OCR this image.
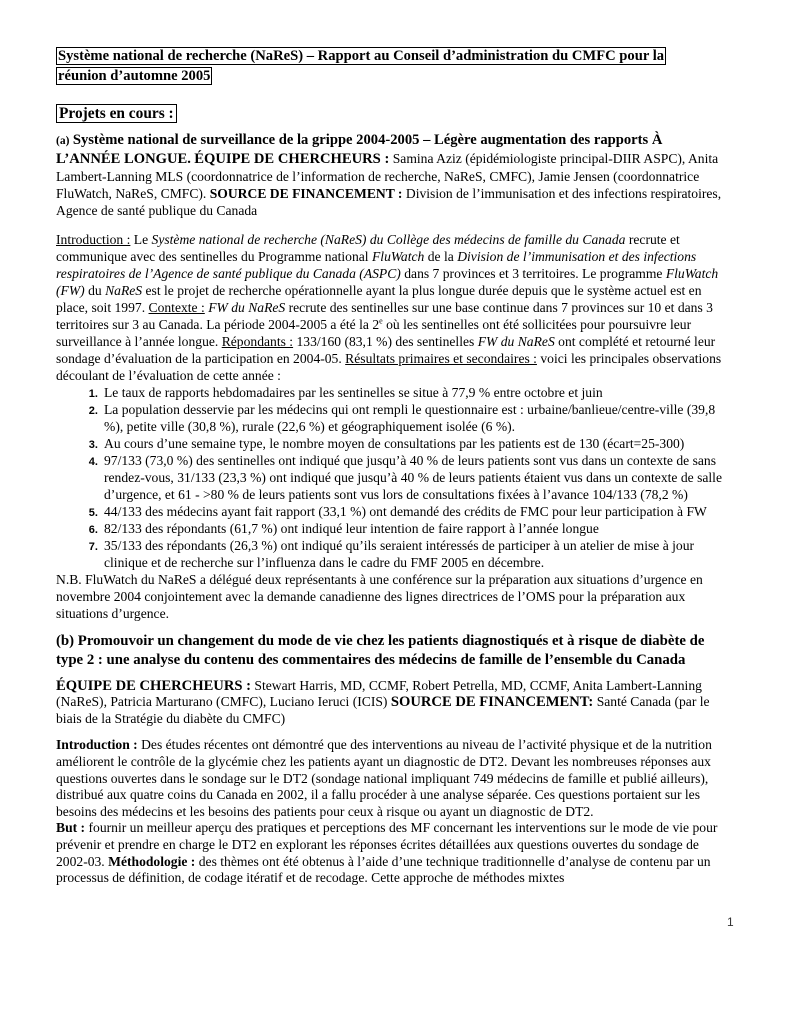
Système national de recherche (NaReS) – Rapport au Conseil d’administration du CMFC pour la
réunion d’automne 2005
Projets en cours :

(a) Système national de surveillance de la grippe 2004-2005 – Légère augmentation des rapports À L’ANNÉE LONGUE. ÉQUIPE DE CHERCHEURS : Samina Aziz (épidémiologiste principal-DIIR ASPC), Anita Lambert-Lanning MLS (coordonnatrice de l’information de recherche, NaReS, CMFC), Jamie Jensen (coordonnatrice FluWatch, NaReS, CMFC). SOURCE DE FINANCEMENT : Division de l’immunisation et des infections respiratoires, Agence de santé publique du Canada

Introduction : Le Système national de recherche (NaReS) du Collège des médecins de famille du Canada recrute et communique avec des sentinelles du Programme national FluWatch de la Division de l’immunisation et des infections respiratoires de l’Agence de santé publique du Canada (ASPC) dans 7 provinces et 3 territoires. Le programme FluWatch (FW) du NaReS est le projet de recherche opérationnelle ayant la plus longue durée depuis que le système actuel est en place, soit 1997. Contexte : FW du NaReS recrute des sentinelles sur une base continue dans 7 provinces sur 10 et dans 3 territoires sur 3 au Canada. La période 2004-2005 a été la 2e où les sentinelles ont été sollicitées pour poursuivre leur surveillance à l’année longue. Répondants : 133/160 (83,1 %) des sentinelles FW du NaReS ont complété et retourné leur sondage d’évaluation de la participation en 2004-05. Résultats primaires et secondaires : voici les principales observations découlant de l’évaluation de cette année :

1. Le taux de rapports hebdomadaires par les sentinelles se situe à 77,9 % entre octobre et juin
2. La population desservie par les médecins qui ont rempli le questionnaire est : urbaine/banlieue/centre-ville (39,8 %), petite ville (30,8 %), rurale (22,6 %) et géographiquement isolée (6 %).
3. Au cours d’une semaine type, le nombre moyen de consultations par les patients est de 130 (écart=25-300)
4. 97/133 (73,0 %) des sentinelles ont indiqué que jusqu’à 40 % de leurs patients sont vus dans un contexte de sans rendez-vous, 31/133 (23,3 %) ont indiqué que jusqu’à 40 % de leurs patients étaient vus dans un contexte de salle d’urgence, et 61 - >80 % de leurs patients sont vus lors de consultations fixées à l’avance 104/133 (78,2 %)
5. 44/133 des médecins ayant fait rapport (33,1 %) ont demandé des crédits de FMC pour leur participation à FW
6. 82/133 des répondants (61,7 %) ont indiqué leur intention de faire rapport à l’année longue
7. 35/133 des répondants (26,3 %) ont indiqué qu’ils seraient intéressés de participer à un atelier de mise à jour clinique et de recherche sur l’influenza dans le cadre du FMF 2005 en décembre.

N.B. FluWatch du NaReS a délégué deux représentants à une conférence sur la préparation aux situations d’urgence en novembre 2004 conjointement avec la demande canadienne des lignes directrices de l’OMS pour la préparation aux situations d’urgence.

(b) Promouvoir un changement du mode de vie chez les patients diagnostiqués et à risque de diabète de type 2 : une analyse du contenu des commentaires des médecins de famille de l’ensemble du Canada

ÉQUIPE DE CHERCHEURS : Stewart Harris, MD, CCMF, Robert Petrella, MD, CCMF, Anita Lambert-Lanning (NaReS), Patricia Marturano (CMFC), Luciano Ieruci (ICIS) SOURCE DE FINANCEMENT: Santé Canada (par le biais de la Stratégie du diabète du CMFC)

Introduction : Des études récentes ont démontré que des interventions au niveau de l’activité physique et de la nutrition améliorent le contrôle de la glycémie chez les patients ayant un diagnostic de DT2. Devant les nombreuses réponses aux questions ouvertes dans le sondage sur le DT2 (sondage national impliquant 749 médecins de famille et publié ailleurs), distribué aux quatre coins du Canada en 2002, il a fallu procéder à une analyse séparée. Ces questions portaient sur les besoins des médecins et les besoins des patients pour ceux à risque ou ayant un diagnostic de DT2.
But : fournir un meilleur aperçu des pratiques et perceptions des MF concernant les interventions sur le mode de vie pour prévenir et prendre en charge le DT2 en explorant les réponses écrites détaillées aux questions ouvertes du sondage de 2002-03. Méthodologie : des thèmes ont été obtenus à l’aide d’une technique traditionnelle d’analyse de contenu par un processus de définition, de codage itératif et de recodage. Cette approche de méthodes mixtes

1
